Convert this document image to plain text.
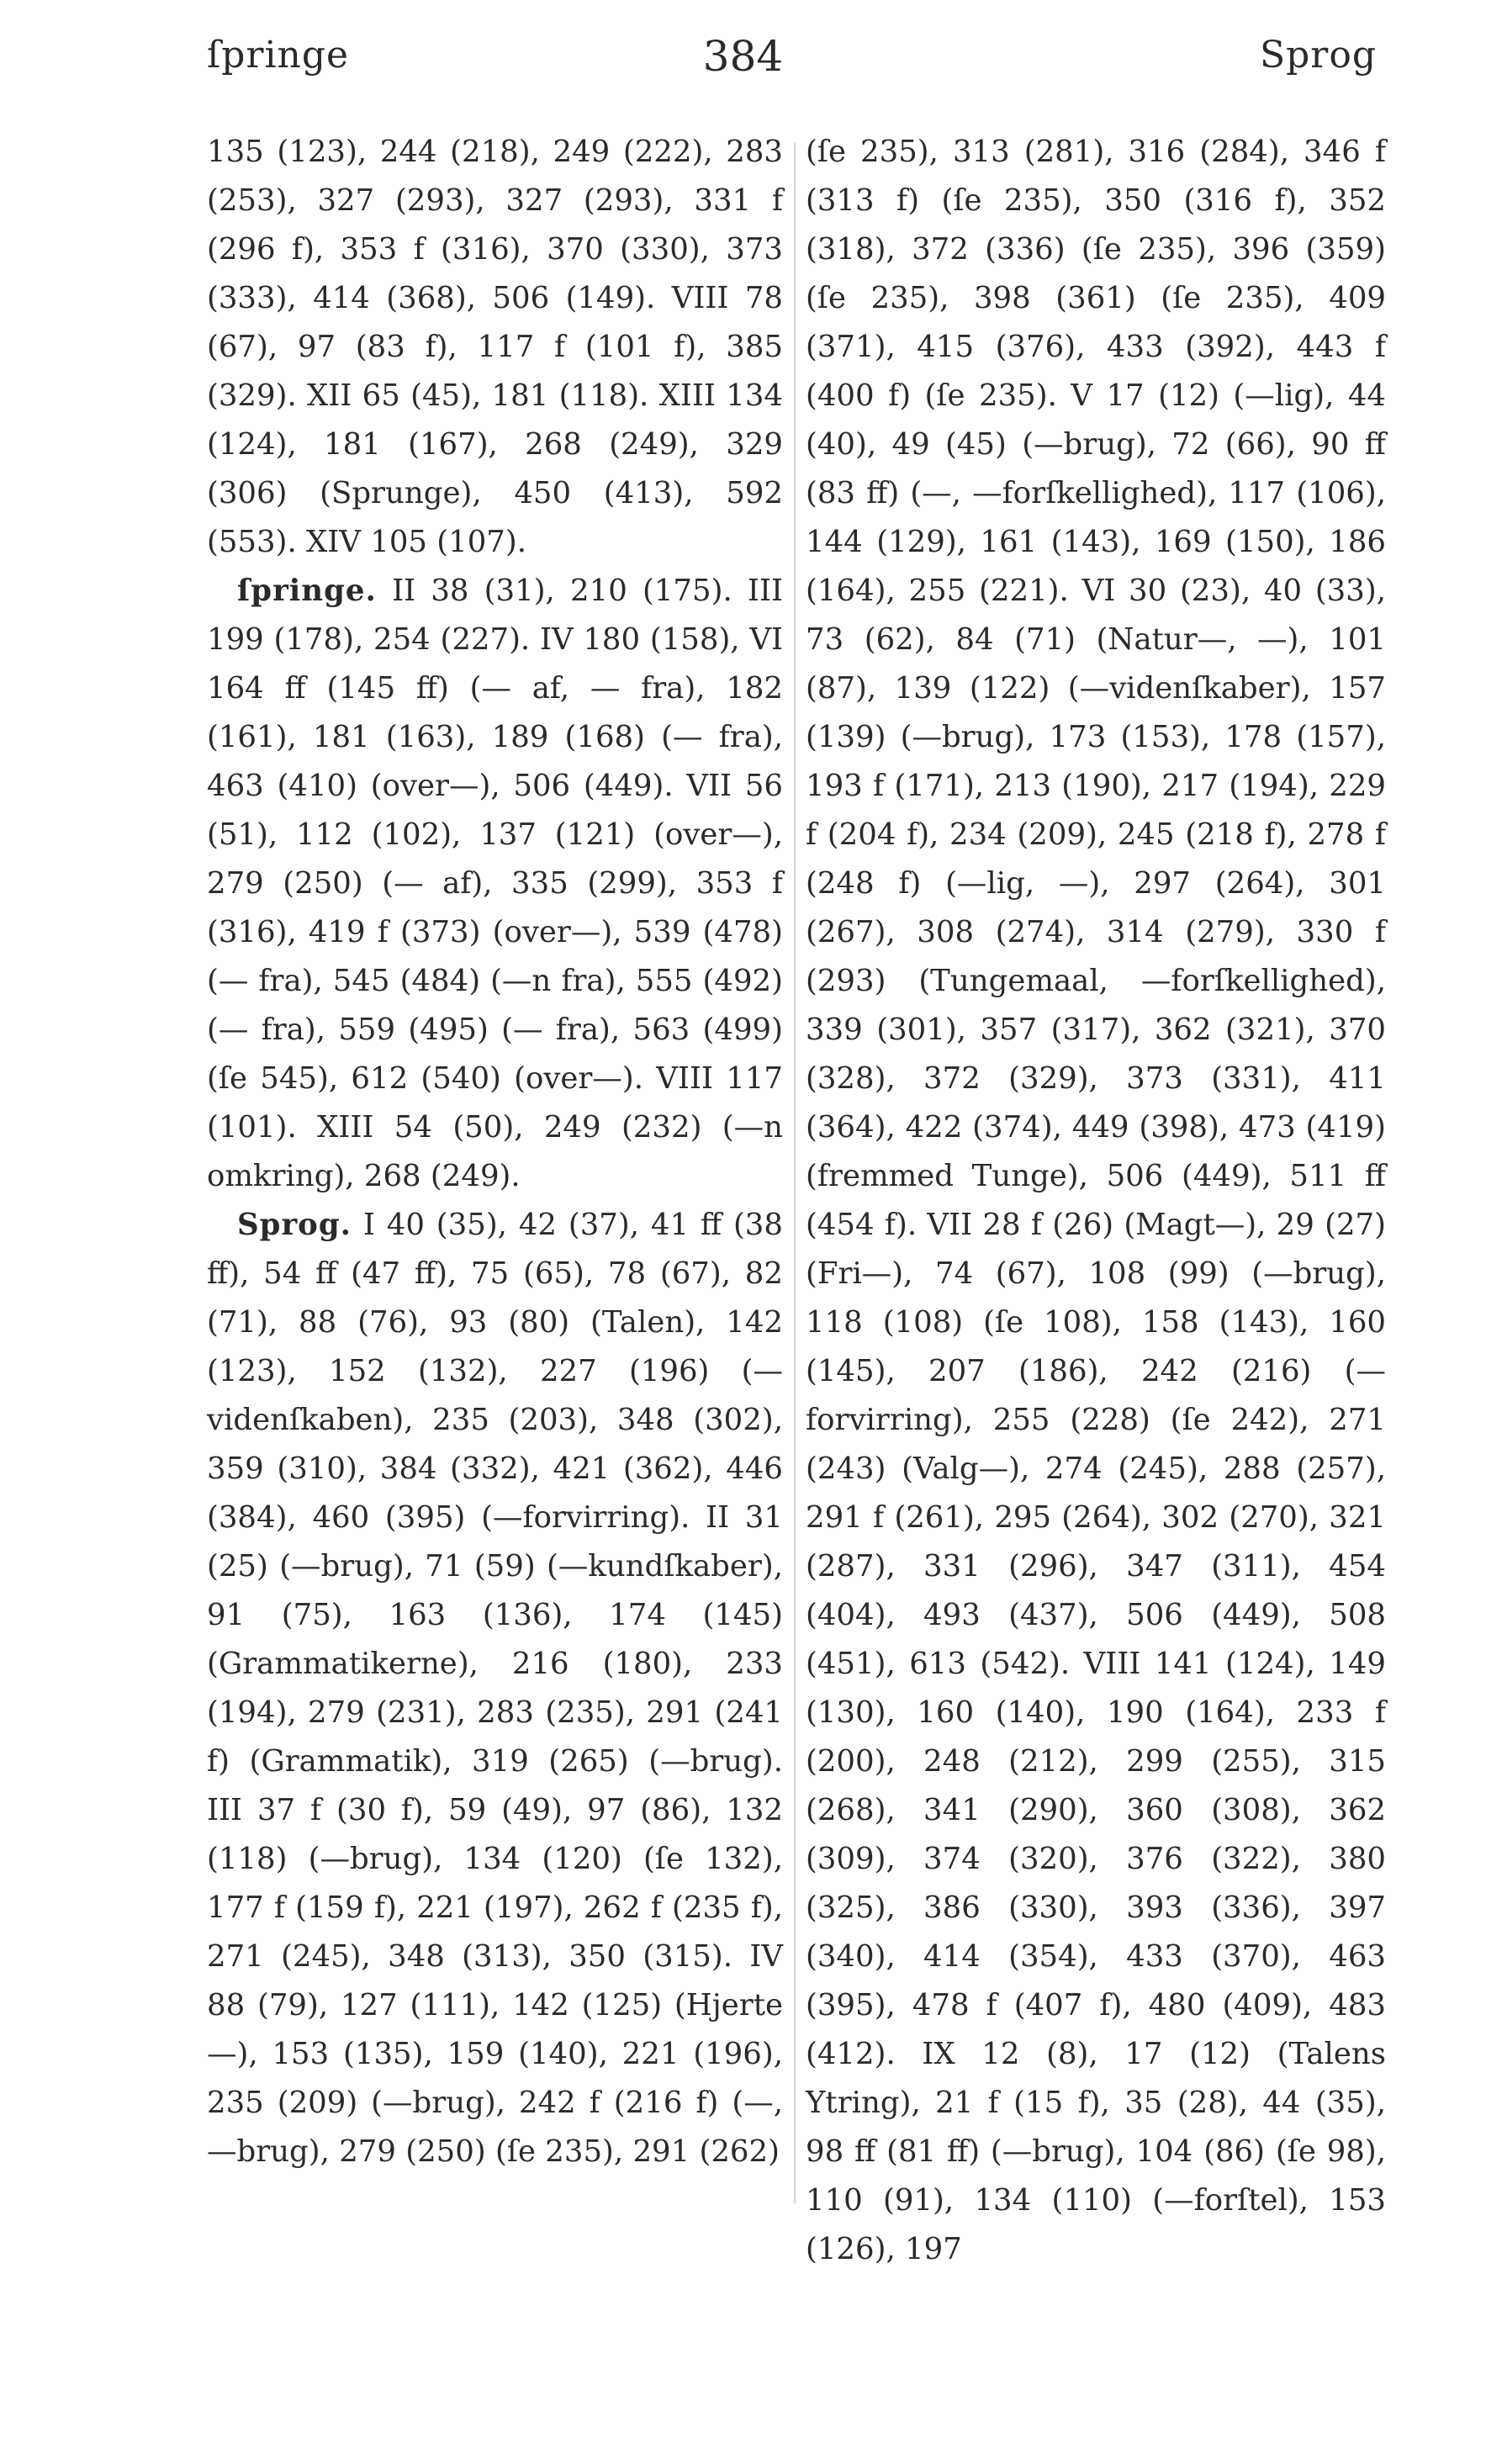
ſpringe	384	Sprog

135 (123), 244 (218), 249 (222), 283 (253), 327 (293), 327 (293), 331 f (296 f), 353 f (316), 370 (330), 373 (333), 414 (368), 506 (149). VIII 78 (67), 97 (83 f), 117 f (101 f), 385 (329). XII 65 (45), 181 (118). XIII 134 (124), 181 (167), 268 (249), 329 (306) (Sprunge), 450 (413), 592 (553). XIV 105 (107).

ſpringe. II 38 (31), 210 (175). III 199 (178), 254 (227). IV 180 (158), VI 164 ff (145 ff) (— af, — fra), 182 (161), 181 (163), 189 (168) (— fra), 463 (410) (over—), 506 (449). VII 56 (51), 112 (102), 137 (121) (over—), 279 (250) (— af), 335 (299), 353 f (316), 419 f (373) (over—), 539 (478) (— fra), 545 (484) (—n fra), 555 (492) (— fra), 559 (495) (— fra), 563 (499) (ſe 545), 612 (540) (over—). VIII 117 (101). XIII 54 (50), 249 (232) (—n omkring), 268 (249).

Sprog. I 40 (35), 42 (37), 41 ff (38 ff), 54 ff (47 ff), 75 (65), 78 (67), 82 (71), 88 (76), 93 (80) (Talen), 142 (123), 152 (132), 227 (196) (—videnſkaben), 235 (203), 348 (302), 359 (310), 384 (332), 421 (362), 446 (384), 460 (395) (—forvirring). II 31 (25) (—brug), 71 (59) (—kundſkaber), 91 (75), 163 (136), 174 (145) (Grammatikerne), 216 (180), 233 (194), 279 (231), 283 (235), 291 (241 f) (Grammatik), 319 (265) (—brug). III 37 f (30 f), 59 (49), 97 (86), 132 (118) (—brug), 134 (120) (ſe 132), 177 f (159 f), 221 (197), 262 f (235 f), 271 (245), 348 (313), 350 (315). IV 88 (79), 127 (111), 142 (125) (Hjerte—), 153 (135), 159 (140), 221 (196), 235 (209) (—brug), 242 f (216 f) (—, —brug), 279 (250) (ſe 235), 291 (262)

(ſe 235), 313 (281), 316 (284), 346 f (313 f) (ſe 235), 350 (316 f), 352 (318), 372 (336) (ſe 235), 396 (359) (ſe 235), 398 (361) (ſe 235), 409 (371), 415 (376), 433 (392), 443 f (400 f) (ſe 235). V 17 (12) (—lig), 44 (40), 49 (45) (—brug), 72 (66), 90 ff (83 ff) (—, —forſkellighed), 117 (106), 144 (129), 161 (143), 169 (150), 186 (164), 255 (221). VI 30 (23), 40 (33), 73 (62), 84 (71) (Natur—, —), 101 (87), 139 (122) (—videnſkaber), 157 (139) (—brug), 173 (153), 178 (157), 193 f (171), 213 (190), 217 (194), 229 f (204 f), 234 (209), 245 (218 f), 278 f (248 f) (—lig, —), 297 (264), 301 (267), 308 (274), 314 (279), 330 f (293) (Tungemaal, —forſkellighed), 339 (301), 357 (317), 362 (321), 370 (328), 372 (329), 373 (331), 411 (364), 422 (374), 449 (398), 473 (419) (fremmed Tunge), 506 (449), 511 ff (454 f). VII 28 f (26) (Magt—), 29 (27) (Fri—), 74 (67), 108 (99) (—brug), 118 (108) (ſe 108), 158 (143), 160 (145), 207 (186), 242 (216) (—forvirring), 255 (228) (ſe 242), 271 (243) (Valg—), 274 (245), 288 (257), 291 f (261), 295 (264), 302 (270), 321 (287), 331 (296), 347 (311), 454 (404), 493 (437), 506 (449), 508 (451), 613 (542). VIII 141 (124), 149 (130), 160 (140), 190 (164), 233 f (200), 248 (212), 299 (255), 315 (268), 341 (290), 360 (308), 362 (309), 374 (320), 376 (322), 380 (325), 386 (330), 393 (336), 397 (340), 414 (354), 433 (370), 463 (395), 478 f (407 f), 480 (409), 483 (412). IX 12 (8), 17 (12) (Talens Ytring), 21 f (15 f), 35 (28), 44 (35), 98 ff (81 ff) (—brug), 104 (86) (ſe 98), 110 (91), 134 (110) (—forſtel), 153 (126), 197
